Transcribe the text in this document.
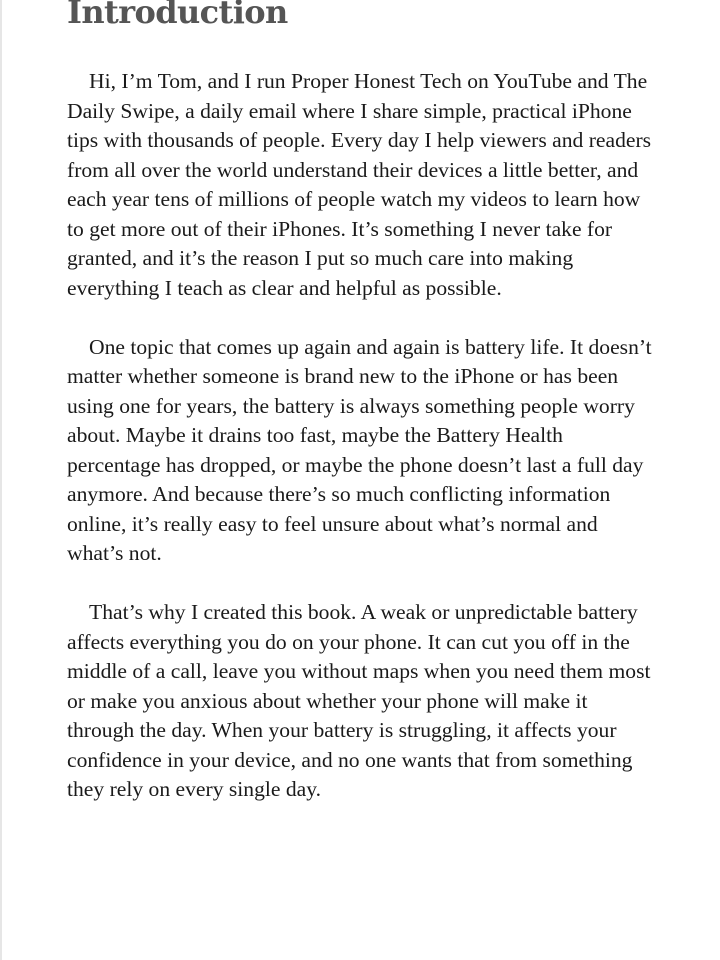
Introduction

Hi, I’m Tom, and I run Proper Honest Tech on YouTube and The Daily Swipe, a daily email where I share simple, practical iPhone tips with thousands of people. Every day I help viewers and readers from all over the world understand their devices a little better, and each year tens of millions of people watch my videos to learn how to get more out of their iPhones. It’s something I never take for granted, and it’s the reason I put so much care into making everything I teach as clear and helpful as possible.

One topic that comes up again and again is battery life. It doesn’t matter whether someone is brand new to the iPhone or has been using one for years, the battery is always something people worry about. Maybe it drains too fast, maybe the Battery Health percentage has dropped, or maybe the phone doesn’t last a full day anymore. And because there’s so much conflicting information online, it’s really easy to feel unsure about what’s normal and what’s not.

That’s why I created this book. A weak or unpredictable battery affects everything you do on your phone. It can cut you off in the middle of a call, leave you without maps when you need them most or make you anxious about whether your phone will make it through the day. When your battery is struggling, it affects your confidence in your device, and no one wants that from something they rely on every single day.
